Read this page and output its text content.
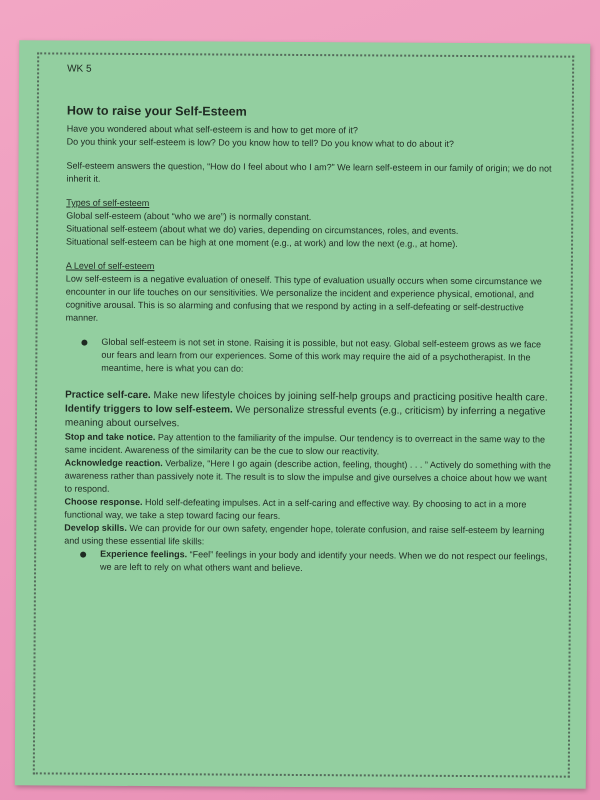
WK 5
How to raise your Self-Esteem

Have you wondered about what self-esteem is and how to get more of it?

Do you think your self-esteem is low? Do you know how to tell? Do you know what to do about it?

Self-esteem answers the question, “How do I feel about who I am?” We learn self-esteem in our family of origin; we do not inherit it.

Types of self-esteem

Global self-esteem (about “who we are”) is normally constant.

Situational self-esteem (about what we do) varies, depending on circumstances, roles, and events.

Situational self-esteem can be high at one moment (e.g., at work) and low the next (e.g., at home).

A Level of self-esteem

Low self-esteem is a negative evaluation of oneself. This type of evaluation usually occurs when some circumstance we encounter in our life touches on our sensitivities. We personalize the incident and experience physical, emotional, and cognitive arousal. This is so alarming and confusing that we respond by acting in a self-defeating or self-destructive manner.

Global self-esteem is not set in stone. Raising it is possible, but not easy. Global self-esteem grows as we face our fears and learn from our experiences. Some of this work may require the aid of a psychotherapist. In the meantime, here is what you can do:

Practice self-care. Make new lifestyle choices by joining self-help groups and practicing positive health care.

Identify triggers to low self-esteem. We personalize stressful events (e.g., criticism) by inferring a negative meaning about ourselves.

Stop and take notice. Pay attention to the familiarity of the impulse. Our tendency is to overreact in the same way to the same incident. Awareness of the similarity can be the cue to slow our reactivity.

Acknowledge reaction. Verbalize, “Here I go again (describe action, feeling, thought) . . . ” Actively do something with the awareness rather than passively note it. The result is to slow the impulse and give ourselves a choice about how we want to respond.

Choose response. Hold self-defeating impulses. Act in a self-caring and effective way. By choosing to act in a more functional way, we take a step toward facing our fears.

Develop skills. We can provide for our own safety, engender hope, tolerate confusion, and raise self-esteem by learning and using these essential life skills:

Experience feelings. “Feel” feelings in your body and identify your needs. When we do not respect our feelings, we are left to rely on what others want and believe.
